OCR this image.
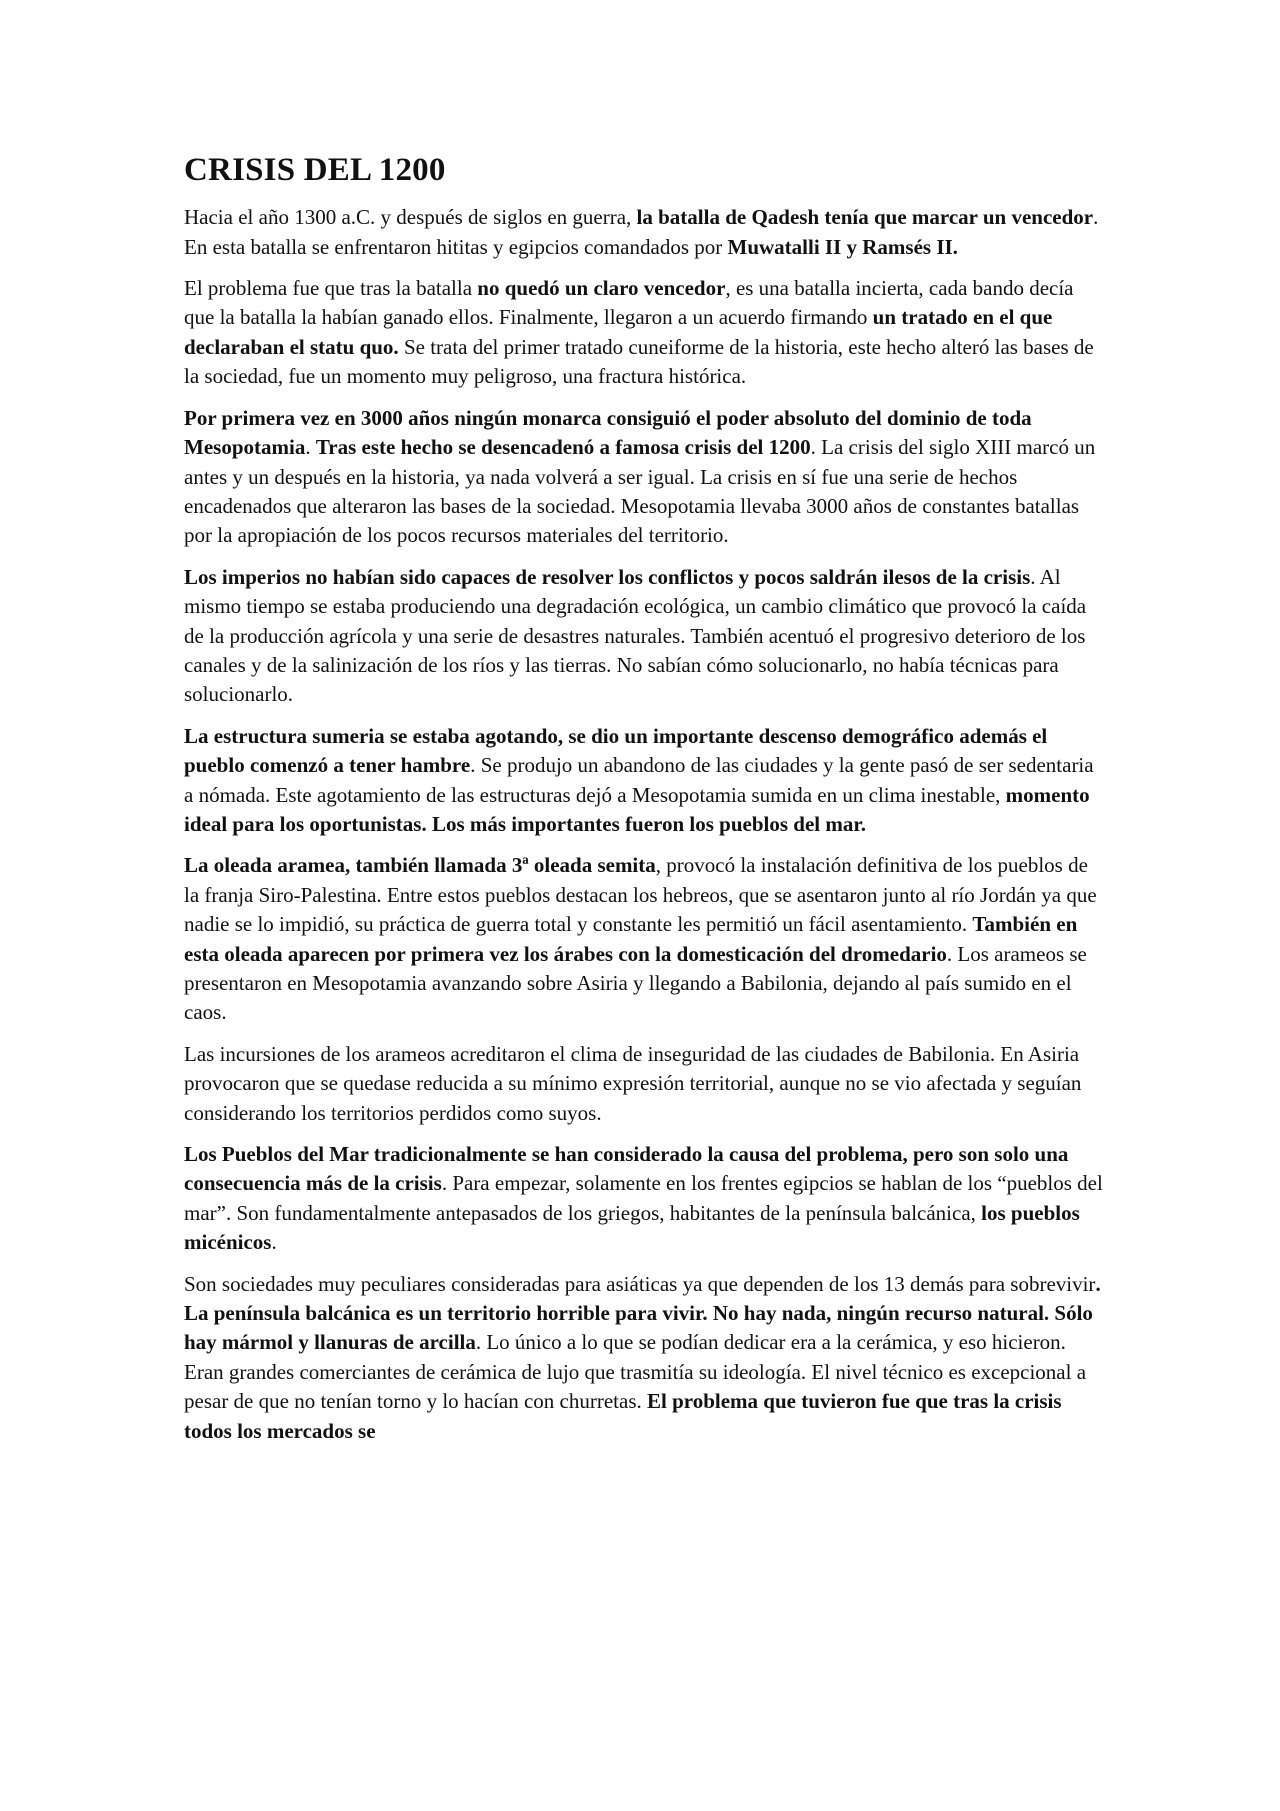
CRISIS DEL 1200

Hacia el año 1300 a.C. y después de siglos en guerra, la batalla de Qadesh tenía que marcar un vencedor. En esta batalla se enfrentaron hititas y egipcios comandados por Muwatalli II y Ramsés II.

El problema fue que tras la batalla no quedó un claro vencedor, es una batalla incierta, cada bando decía que la batalla la habían ganado ellos. Finalmente, llegaron a un acuerdo firmando un tratado en el que declaraban el statu quo. Se trata del primer tratado cuneiforme de la historia, este hecho alteró las bases de la sociedad, fue un momento muy peligroso, una fractura histórica.

Por primera vez en 3000 años ningún monarca consiguió el poder absoluto del dominio de toda Mesopotamia. Tras este hecho se desencadenó a famosa crisis del 1200. La crisis del siglo XIII marcó un antes y un después en la historia, ya nada volverá a ser igual. La crisis en sí fue una serie de hechos encadenados que alteraron las bases de la sociedad. Mesopotamia llevaba 3000 años de constantes batallas por la apropiación de los pocos recursos materiales del territorio.

Los imperios no habían sido capaces de resolver los conflictos y pocos saldrán ilesos de la crisis. Al mismo tiempo se estaba produciendo una degradación ecológica, un cambio climático que provocó la caída de la producción agrícola y una serie de desastres naturales. También acentuó el progresivo deterioro de los canales y de la salinización de los ríos y las tierras. No sabían cómo solucionarlo, no había técnicas para solucionarlo.

La estructura sumeria se estaba agotando, se dio un importante descenso demográfico además el pueblo comenzó a tener hambre. Se produjo un abandono de las ciudades y la gente pasó de ser sedentaria a nómada. Este agotamiento de las estructuras dejó a Mesopotamia sumida en un clima inestable, momento ideal para los oportunistas. Los más importantes fueron los pueblos del mar.

La oleada aramea, también llamada 3ª oleada semita, provocó la instalación definitiva de los pueblos de la franja Siro-Palestina. Entre estos pueblos destacan los hebreos, que se asentaron junto al río Jordán ya que nadie se lo impidió, su práctica de guerra total y constante les permitió un fácil asentamiento. También en esta oleada aparecen por primera vez los árabes con la domesticación del dromedario. Los arameos se presentaron en Mesopotamia avanzando sobre Asiria y llegando a Babilonia, dejando al país sumido en el caos.

Las incursiones de los arameos acreditaron el clima de inseguridad de las ciudades de Babilonia. En Asiria provocaron que se quedase reducida a su mínimo expresión territorial, aunque no se vio afectada y seguían considerando los territorios perdidos como suyos.

Los Pueblos del Mar tradicionalmente se han considerado la causa del problema, pero son solo una consecuencia más de la crisis. Para empezar, solamente en los frentes egipcios se hablan de los “pueblos del mar”. Son fundamentalmente antepasados de los griegos, habitantes de la península balcánica, los pueblos micénicos.

Son sociedades muy peculiares consideradas para asiáticas ya que dependen de los 13 demás para sobrevivir. La península balcánica es un territorio horrible para vivir. No hay nada, ningún recurso natural. Sólo hay mármol y llanuras de arcilla. Lo único a lo que se podían dedicar era a la cerámica, y eso hicieron. Eran grandes comerciantes de cerámica de lujo que trasmitía su ideología. El nivel técnico es excepcional a pesar de que no tenían torno y lo hacían con churretas. El problema que tuvieron fue que tras la crisis todos los mercados se
